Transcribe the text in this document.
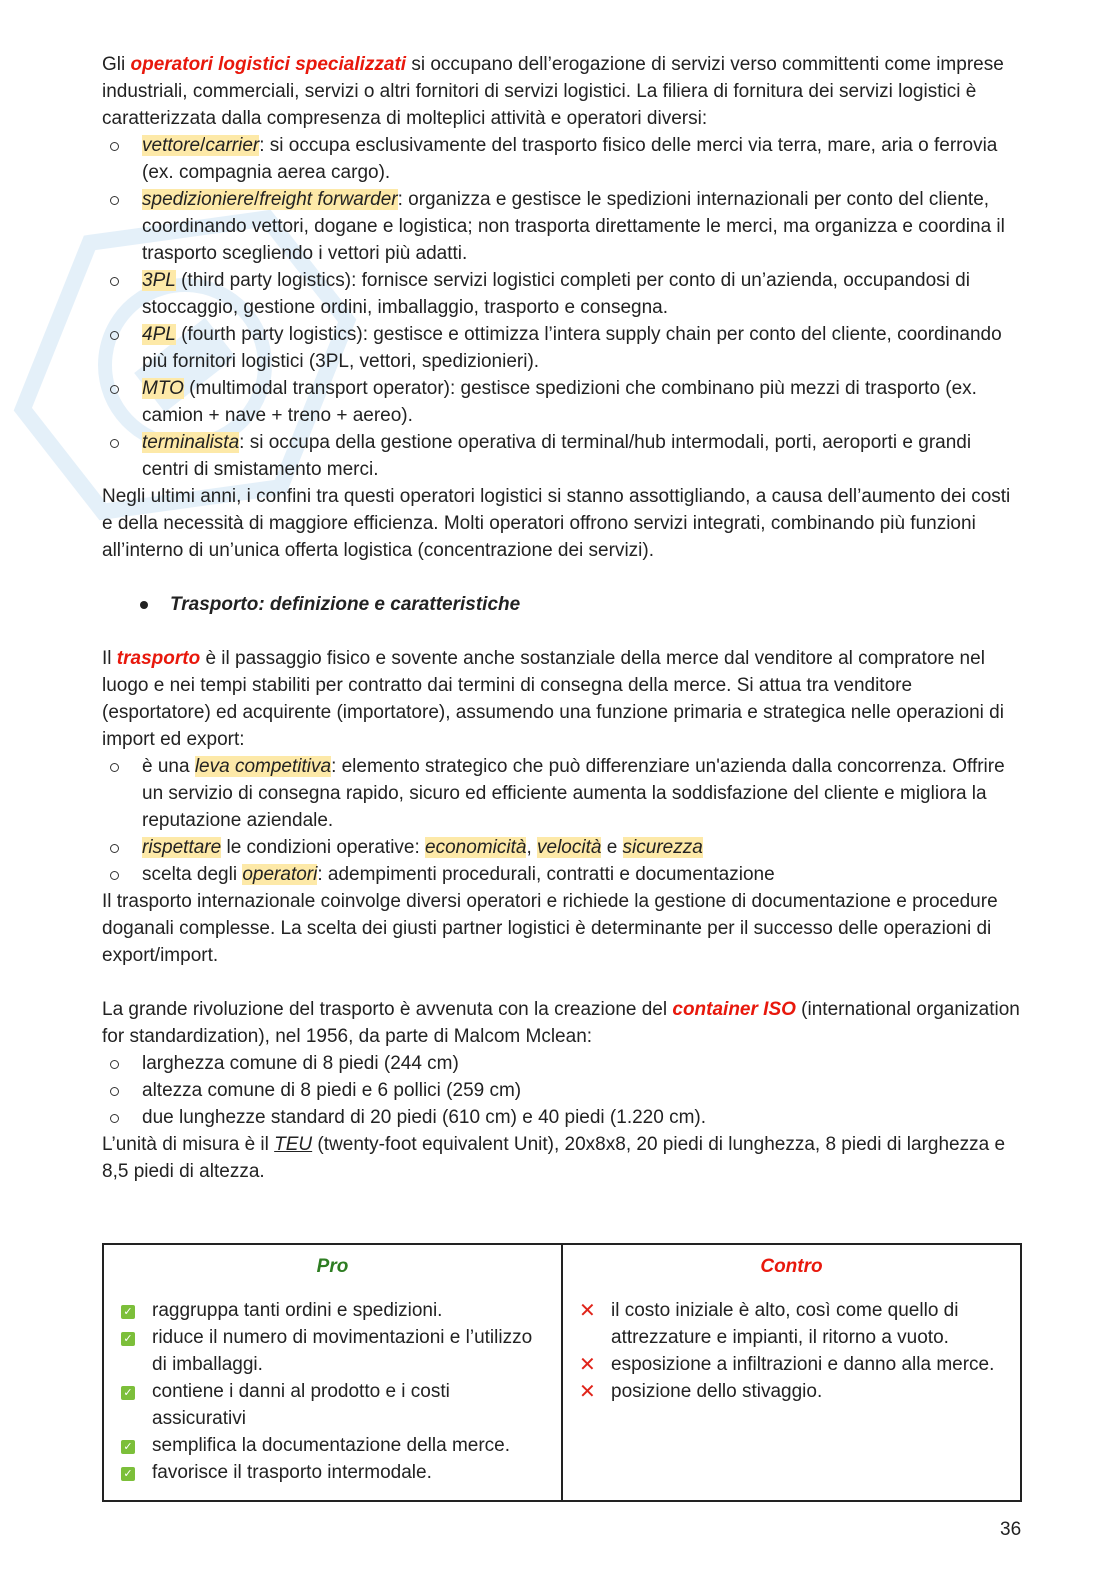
Gli operatori logistici specializzati si occupano dell’erogazione di servizi verso committenti come imprese industriali, commerciali, servizi o altri fornitori di servizi logistici. La filiera di fornitura dei servizi logistici è caratterizzata dalla compresenza di molteplici attività e operatori diversi:

vettore/carrier: si occupa esclusivamente del trasporto fisico delle merci via terra, mare, aria o ferrovia (ex. compagnia aerea cargo).
spedizioniere/freight forwarder: organizza e gestisce le spedizioni internazionali per conto del cliente, coordinando vettori, dogane e logistica; non trasporta direttamente le merci, ma organizza e coordina il trasporto scegliendo i vettori più adatti.
3PL (third party logistics): fornisce servizi logistici completi per conto di un’azienda, occupandosi di stoccaggio, gestione ordini, imballaggio, trasporto e consegna.
4PL (fourth party logistics): gestisce e ottimizza l’intera supply chain per conto del cliente, coordinando più fornitori logistici (3PL, vettori, spedizionieri).
MTO (multimodal transport operator): gestisce spedizioni che combinano più mezzi di trasporto (ex. camion + nave + treno + aereo).
terminalista: si occupa della gestione operativa di terminal/hub intermodali, porti, aeroporti e grandi centri di smistamento merci.

Negli ultimi anni, i confini tra questi operatori logistici si stanno assottigliando, a causa dell’aumento dei costi e della necessità di maggiore efficienza. Molti operatori offrono servizi integrati, combinando più funzioni all’interno di un’unica offerta logistica (concentrazione dei servizi).

Trasporto: definizione e caratteristiche

Il trasporto è il passaggio fisico e sovente anche sostanziale della merce dal venditore al compratore nel luogo e nei tempi stabiliti per contratto dai termini di consegna della merce. Si attua tra venditore (esportatore) ed acquirente (importatore), assumendo una funzione primaria e strategica nelle operazioni di import ed export:

è una leva competitiva: elemento strategico che può differenziare un'azienda dalla concorrenza. Offrire un servizio di consegna rapido, sicuro ed efficiente aumenta la soddisfazione del cliente e migliora la reputazione aziendale.
rispettare le condizioni operative: economicità, velocità e sicurezza
scelta degli operatori: adempimenti procedurali, contratti e documentazione

Il trasporto internazionale coinvolge diversi operatori e richiede la gestione di documentazione e procedure doganali complesse. La scelta dei giusti partner logistici è determinante per il successo delle operazioni di export/import.

La grande rivoluzione del trasporto è avvenuta con la creazione del container ISO (international organization for standardization), nel 1956, da parte di Malcom Mclean:

larghezza comune di 8 piedi (244 cm)
altezza comune di 8 piedi e 6 pollici (259 cm)
due lunghezze standard di 20 piedi (610 cm) e 40 piedi (1.220 cm).

L’unità di misura è il TEU (twenty-foot equivalent Unit), 20x8x8, 20 piedi di lunghezza, 8 piedi di larghezza e 8,5 piedi di altezza.

Pro
✓ raggruppa tanti ordini e spedizioni.
✓ riduce il numero di movimentazioni e l’utilizzo di imballaggi.
✓ contiene i danni al prodotto e i costi assicurativi
✓ semplifica la documentazione della merce.
✓ favorisce il trasporto intermodale.

Contro
✕ il costo iniziale è alto, così come quello di attrezzature e impianti, il ritorno a vuoto.
✕ esposizione a infiltrazioni e danno alla merce.
✕ posizione dello stivaggio.
36
